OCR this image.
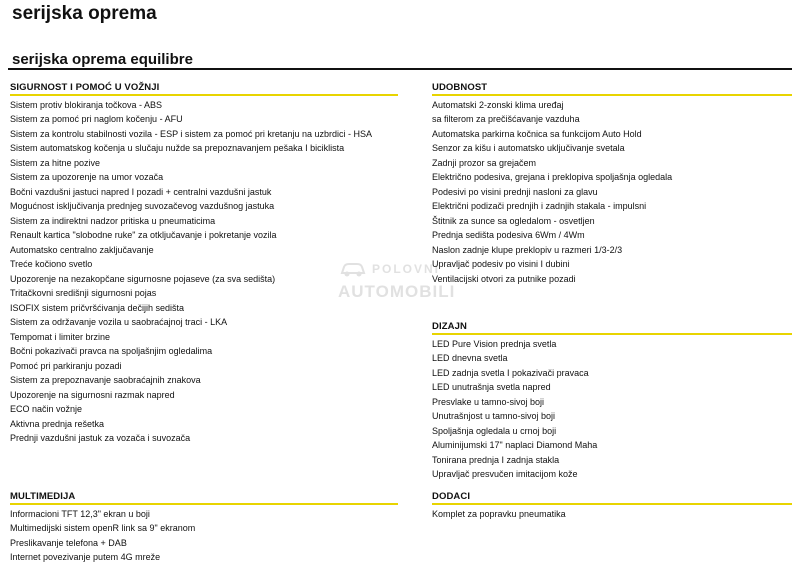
serijska oprema
serijska oprema equilibre
POLOVNI
AUTOMOBILI
SIGURNOST I POMOĆ U VOŽNJI
Sistem protiv blokiranja točkova - ABS
Sistem za pomoć pri naglom kočenju - AFU
Sistem za kontrolu stabilnosti vozila - ESP i sistem za pomoć pri kretanju na uzbrdici - HSA
Sistem automatskog kočenja u slučaju nužde sa prepoznavanjem pešaka I biciklista
Sistem za hitne pozive
Sistem za upozorenje na umor vozača
Bočni vazdušni jastuci napred I pozadi + centralni vazdušni jastuk
Mogućnost isključivanja prednjeg suvozačevog vazdušnog jastuka
Sistem za indirektni nadzor pritiska u pneumaticima
Renault kartica "slobodne ruke" za otključavanje i pokretanje vozila
Automatsko centralno zaključavanje
Treće kočiono svetlo
Upozorenje na nezakopčane sigurnosne pojaseve (za sva sedišta)
Tritačkovni središnji sigurnosni pojas
ISOFIX sistem pričvršćivanja dečijih sedišta
Sistem za održavanje vozila u saobraćajnoj traci - LKA
Tempomat i limiter brzine
Bočni pokazivači pravca na spoljašnjim ogledalima
Pomoć pri parkiranju pozadi
Sistem za prepoznavanje saobraćajnih znakova
Upozorenje na sigurnosni razmak napred
ECO način vožnje
Aktivna prednja rešetka
Prednji vazdušni jastuk za vozača i suvozača
UDOBNOST
Automatski 2-zonski klima uređaj
sa filterom za prečišćavanje vazduha
Automatska parkirna kočnica sa funkcijom Auto Hold
Senzor za kišu i automatsko uključivanje svetala
Zadnji prozor sa grejačem
Električno podesiva, grejana i preklopiva spoljašnja ogledala
Podesivi po visini prednji nasloni za glavu
Električni podizači prednjih i zadnjih stakala - impulsni
Štitnik za sunce sa ogledalom - osvetljen
Prednja sedišta podesiva 6Wm / 4Wm
Naslon zadnje klupe preklopiv u razmeri 1/3-2/3
Upravljač podesiv po visini I dubini
Ventilacijski otvori za putnike pozadi
DIZAJN
LED Pure Vision prednja svetla
LED dnevna svetla
LED zadnja svetla I pokazivači pravaca
LED unutrašnja svetla napred
Presvlake u tamno-sivoj boji
Unutrašnjost u tamno-sivoj boji
Spoljašnja ogledala u crnoj boji
Aluminijumski 17" naplaci Diamond Maha
Tonirana prednja I zadnja stakla
Upravljač presvučen imitacijom kože
MULTIMEDIJA
Informacioni TFT 12,3" ekran u boji
Multimedijski sistem openR link sa 9" ekranom
Preslikavanje telefona + DAB
Internet povezivanje putem 4G mreže
DODACI
Komplet za popravku pneumatika
